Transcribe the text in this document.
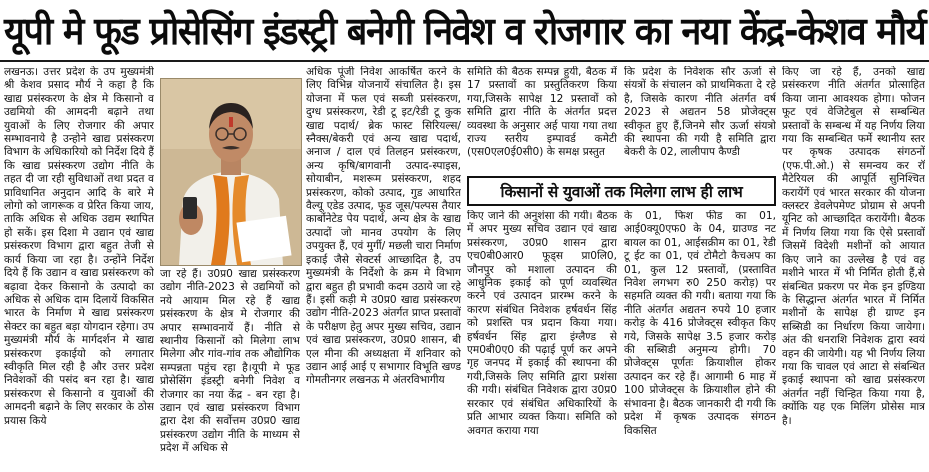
यूपी मे फूड प्रोसेसिंग इंडस्ट्री बनेगी निवेश व रोजगार का नया केंद्र-केशव मौर्य

लखनऊ। उत्तर प्रदेश के उप मुख्यमंत्री श्री केशव प्रसाद मौर्य ने कहा है कि खाद्य प्रसंस्करण के क्षेत्र मे किसानो व उद्यमियो की आमदनी बढ़ाने तथा युवाओं के लिए रोजगार की अपार सम्भावनाये है उन्होने खाद्य प्रसंस्करण विभाग के अधिकारियो को निर्देश दिये हैं कि खाद्य प्रसंस्करण उद्योग नीति के तहत दी जा रही सुविधाओं तथा प्रदत व प्राविधानित अनुदान आदि के बारे मे लोगो को जागरूक व प्रेरित किया जाय, ताकि अधिक से अधिक उद्यम स्थापित हो सकें। इस दिशा मे उद्यान एवं खाद्य प्रसंस्करण विभाग द्वारा बहुत तेजी से कार्य किया जा रहा है। उन्होंने निर्देश दिये हैं कि उद्यान व खाद्य प्रसंस्करण को बढ़ावा देकर किसानो के उत्पादो का अधिक से अधिक दाम दिलायें विकसित भारत के निर्माण मे खाद्य प्रसंस्करण सेक्टर का बहुत बड़ा योगदान रहेगा। उप मुख्यमंत्री मौर्य के मार्गदर्शन मे खाद्य प्रसंस्करण इकाईयो को लगातार स्वीकृति मिल रही है और उत्तर प्रदेश निवेशकों की पसंद बन रहा है। खाद्य प्रसंस्करण से किसानो व युवाओं की आमदनी बढ़ाने के लिए सरकार के ठोस प्रयास किये

जा रहे हैं। उ0प्र0 खाद्य प्रसंस्करण उद्योग नीति-2023 से उद्यमियों को नये आयाम मिल रहे हैं खाद्य प्रसंस्करण के क्षेत्र मे रोजगार की अपार सम्भावनायें हैं। नीति से स्थानीय किसानों को मिलेगा लाभ मिलेगा और गांव-गांव तक औद्योगिक सम्पन्नता पहुंच रहा है।यूपी मे फूड प्रोसेसिंग इंडस्ट्री बनेगी निवेश व रोजगार का नया केंद्र - बन रहा है। उद्यान एवं खाद्य प्रसंस्करण विभाग द्वारा देश की सर्वोत्तम उ0प्र0 खाद्य प्रसंस्करण उद्योग नीति के माध्यम से प्रदेश में अधिक से

अधिक पूंजी निवेश आकर्षित करने के लिए विभिन्न योजनायें संचालित है। इस योजना में फल एवं सब्जी प्रसंस्करण, दुग्ध प्रसंस्करण, रेडी टू इट/रेडी टू कुक खाद्य पदार्थ/ ब्रेक फास्ट सिरियल्स/स्नैक्स/बेकरी एवं अन्य खाद्य पदार्थ, अनाज / दाल एवं तिलहन प्रसंस्करण, अन्य कृषि/बागवानी उत्पाद-स्पाइस, सोयाबीन, मशरूम प्रसंस्करण, शहद प्रसंस्करण, कोको उत्पाद, गुड आधारित वैल्यू एडेड उत्पाद, फूड जूस/पल्पस तैयार कार्बोनेटेड पेय पदार्थ, अन्य क्षेत्र के खाद्य उत्पादों जो मानव उपयोग के लिए उपयुक्त हैं, एवं मुर्गी/ मछली चारा निर्माण इकाई जैसे सेक्टर्स आच्छादित है, उप मुख्यमंत्री के निर्देशो के क्रम मे विभाग द्वारा बहुत ही प्रभावी कदम उठाये जा रहे हैं। इसी कड़ी मे उ0प्र0 खाद्य प्रसंस्करण उद्योग नीति-2023 अंतर्गत प्राप्त प्रस्तावों के परीक्षण हेतु अपर मुख्य सचिव, उद्यान एवं खाद्य प्रसंस्करण, उ0प्र0 शासन, बी एल मीना की अध्यक्षता में शनिवार को उद्यान आई आई ए सभागार विभूति खण्ड गोमतीनगर लखनऊ मे अंतरविभागीय

समिति की बैठक सम्पन्न हुयी, बैठक में 17 प्रस्तावों का प्रस्तुतिकरण किया गया,जिसके सापेक्ष 12 प्रस्तावों को समिति द्वारा नीति के अंतर्गत प्रदत्त व्यवस्था के अनुसार अर्ह पाया गया तथा राज्य स्तरीय इम्पावर्ड कमेटी (एस0एल0ई0सी0) के समक्ष प्रस्तुत

कि प्रदेश के निवेशक सौर ऊर्जा से संयत्रों के संचालन को प्राथमिकता दे रहे है, जिसके कारण नीति अंतर्गत वर्ष 2023 से अद्यतन 58 प्रोजेक्ट्स स्वीकृत हुए हैं,जिनमे सौर ऊर्जा संयत्रो की स्थापना की गयी है समिति द्वारा बेकरी के 02, लालीपाप कैण्डी

किसानों से युवाओं तक मिलेगा लाभ ही लाभ

किए जाने की अनुशंसा की गयी। बैठक में अपर मुख्य सचिव उद्यान एवं खाद्य प्रसंस्करण, उ0प्र0 शासन द्वारा एच0बी0आर0 फूड्स प्रा0लि0, जौनपुर को मशाला उत्पादन की आधुनिक इकाई को पूर्ण व्यवस्थित करने एवं उत्पादन प्रारम्भ करने के कारण संबंधित निवेशक हर्षवर्धन सिंह को प्रशस्ति पत्र प्रदान किया गया। हर्षवर्धन सिंह द्वारा इंग्लैण्ड से एम0बी0ए0 की पढ़ाई पूर्ण कर अपने गृह जनपद में इकाई की स्थापना की गयी,जिसके लिए समिति द्वारा प्रशंसा की गयी। संबंधित निवेशक द्वारा उ0प्र0 सरकार एवं संबंधित अधिकारियों के प्रति आभार व्यक्त किया। समिति को अवगत कराया गया

के 01, फिश फीड का 01, आई0क्यू0एफ0 के 04, ग्राउण्ड नट बायल का 01, आईसक्रीम का 01, रेडी टू ईट का 01, एवं टोमैटो कैचअप का 01, कुल 12 प्रस्तावों, (प्रस्तावित निवेश लगभग रु0 250 करोड़) पर सहमति व्यक्त की गयी। बताया गया कि नीति अंतर्गत अद्यतन रुपये 10 हजार करोड़ के 416 प्रोजेक्ट्स स्वीकृत किए गये, जिसके सापेक्ष 3.5 हजार करोड़ की सब्सिडी अनुमन्य होगी। 70 प्रोजेक्ट्स पूर्णतः क्रियाशील होकर उत्पादन कर रहे हैं। आगामी 6 माह में 100 प्रोजेक्ट्स के क्रियाशील होने की संभावना है। बैठक जानकारी दी गयी कि प्रदेश में कृषक उत्पादक संगठन विकसित

किए जा रहे हैं, उनको खाद्य प्रसंस्करण नीति अंतर्गत प्रोत्साहित किया जाना आवश्यक होगा। फोजन फूट एवं वेजिटेबुल से सम्बन्धित प्रस्तावों के सम्बन्ध में यह निर्णय लिया गया कि सम्बन्धित फर्मे स्थानीय स्तर पर कृषक उत्पादक संगठनों (एफ.पी.ओ.) से समन्वय कर रॉ मैटेरियल की आपूर्ति सुनिश्चित करायेंगें एवं भारत सरकार की योजना क्लस्टर डेवलेपमेण्ट प्रोग्राम से अपनी यूनिट को आच्छादित करायेंगी। बैठक में निर्णय लिया गया कि ऐसे प्रस्तावों जिसमें विदेशी मशीनों को आयात किए जाने का उल्लेख है एवं वह मशीने भारत में भी निर्मित होती हैं,से संबन्धित प्रकरण पर मेक इन इण्डिया के सिद्धान्त अंतर्गत भारत में निर्मित मशीनों के सापेक्ष ही ग्राण्ट इन सब्सिडी का निर्धारण किया जायेगा। अंत की धनराशि निवेशक द्वारा स्वयं वहन की जायेगी। यह भी निर्णय लिया गया कि चावल एवं आटा से संबन्धित इकाई स्थापना को खाद्य प्रसंस्करण अंतर्गत नहीं चिन्हित किया गया है, क्योंकि यह एक मिलिंग प्रोसेस मात्र है।
